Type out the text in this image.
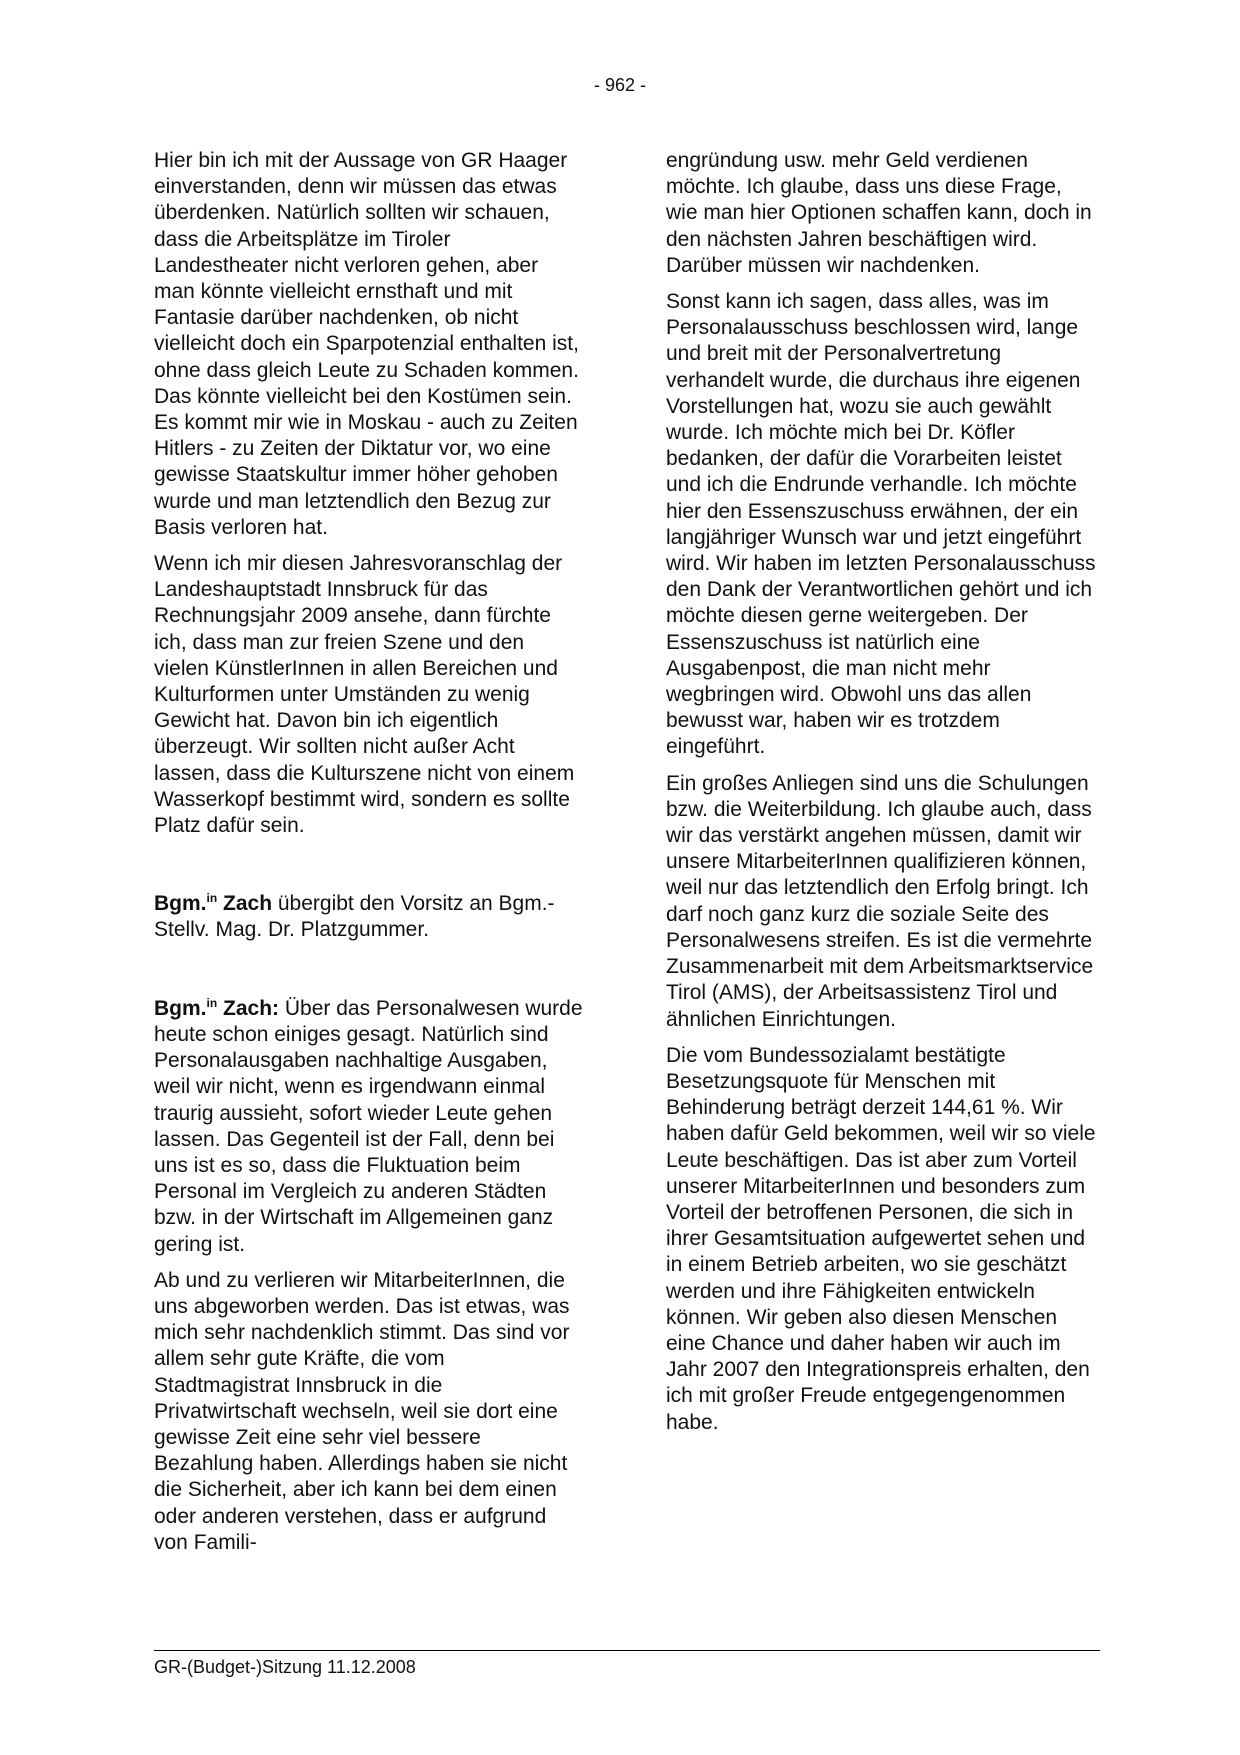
- 962 -

Hier bin ich mit der Aussage von GR Haager einverstanden, denn wir müssen das etwas überdenken. Natürlich sollten wir schauen, dass die Arbeitsplätze im Tiroler Landestheater nicht verloren gehen, aber man könnte vielleicht ernsthaft und mit Fantasie darüber nachdenken, ob nicht vielleicht doch ein Sparpotenzial enthalten ist, ohne dass gleich Leute zu Schaden kommen. Das könnte vielleicht bei den Kostümen sein. Es kommt mir wie in Moskau - auch zu Zeiten Hitlers - zu Zeiten der Diktatur vor, wo eine gewisse Staatskultur immer höher gehoben wurde und man letztendlich den Bezug zur Basis verloren hat.

Wenn ich mir diesen Jahresvoranschlag der Landeshauptstadt Innsbruck für das Rechnungsjahr 2009 ansehe, dann fürchte ich, dass man zur freien Szene und den vielen KünstlerInnen in allen Bereichen und Kulturformen unter Umständen zu wenig Gewicht hat. Davon bin ich eigentlich überzeugt. Wir sollten nicht außer Acht lassen, dass die Kulturszene nicht von einem Wasserkopf bestimmt wird, sondern es sollte Platz dafür sein.

Bgm.$^{in}$ Zach übergibt den Vorsitz an Bgm.-Stellv. Mag. Dr. Platzgummer.

Bgm.$^{in}$ Zach: Über das Personalwesen wurde heute schon einiges gesagt. Natürlich sind Personalausgaben nachhaltige Ausgaben, weil wir nicht, wenn es irgendwann einmal traurig aussieht, sofort wieder Leute gehen lassen. Das Gegenteil ist der Fall, denn bei uns ist es so, dass die Fluktuation beim Personal im Vergleich zu anderen Städten bzw. in der Wirtschaft im Allgemeinen ganz gering ist.

Ab und zu verlieren wir MitarbeiterInnen, die uns abgeworben werden. Das ist etwas, was mich sehr nachdenklich stimmt. Das sind vor allem sehr gute Kräfte, die vom Stadtmagistrat Innsbruck in die Privatwirtschaft wechseln, weil sie dort eine gewisse Zeit eine sehr viel bessere Bezahlung haben. Allerdings haben sie nicht die Sicherheit, aber ich kann bei dem einen oder anderen verstehen, dass er aufgrund von Famili-

engründung usw. mehr Geld verdienen möchte. Ich glaube, dass uns diese Frage, wie man hier Optionen schaffen kann, doch in den nächsten Jahren beschäftigen wird. Darüber müssen wir nachdenken.

Sonst kann ich sagen, dass alles, was im Personalausschuss beschlossen wird, lange und breit mit der Personalvertretung verhandelt wurde, die durchaus ihre eigenen Vorstellungen hat, wozu sie auch gewählt wurde. Ich möchte mich bei Dr. Köfler bedanken, der dafür die Vorarbeiten leistet und ich die Endrunde verhandle. Ich möchte hier den Essenszuschuss erwähnen, der ein langjähriger Wunsch war und jetzt eingeführt wird. Wir haben im letzten Personalausschuss den Dank der Verantwortlichen gehört und ich möchte diesen gerne weitergeben. Der Essenszuschuss ist natürlich eine Ausgabenpost, die man nicht mehr wegbringen wird. Obwohl uns das allen bewusst war, haben wir es trotzdem eingeführt.

Ein großes Anliegen sind uns die Schulungen bzw. die Weiterbildung. Ich glaube auch, dass wir das verstärkt angehen müssen, damit wir unsere MitarbeiterInnen qualifizieren können, weil nur das letztendlich den Erfolg bringt. Ich darf noch ganz kurz die soziale Seite des Personalwesens streifen. Es ist die vermehrte Zusammenarbeit mit dem Arbeitsmarktservice Tirol (AMS), der Arbeitsassistenz Tirol und ähnlichen Einrichtungen.

Die vom Bundessozialamt bestätigte Besetzungsquote für Menschen mit Behinderung beträgt derzeit 144,61 %. Wir haben dafür Geld bekommen, weil wir so viele Leute beschäftigen. Das ist aber zum Vorteil unserer MitarbeiterInnen und besonders zum Vorteil der betroffenen Personen, die sich in ihrer Gesamtsituation aufgewertet sehen und in einem Betrieb arbeiten, wo sie geschätzt werden und ihre Fähigkeiten entwickeln können. Wir geben also diesen Menschen eine Chance und daher haben wir auch im Jahr 2007 den Integrationspreis erhalten, den ich mit großer Freude entgegengenommen habe.

GR-(Budget-)Sitzung 11.12.2008
